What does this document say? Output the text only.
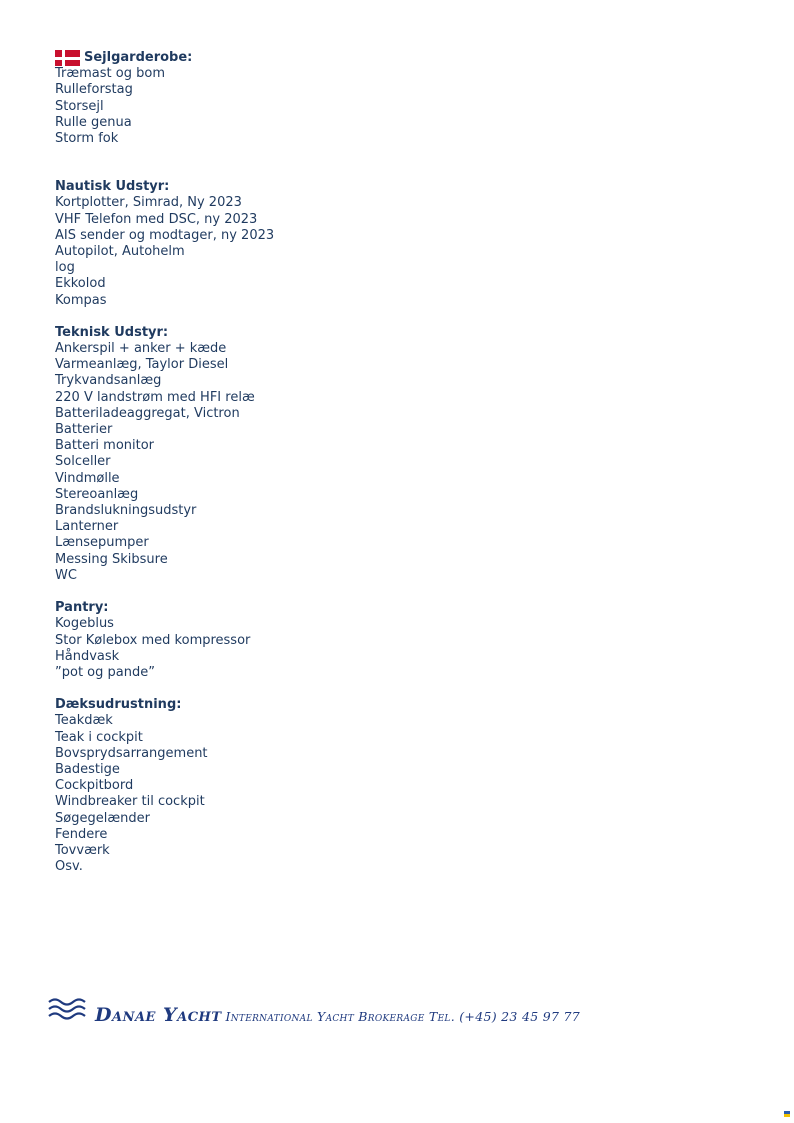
Sejlgarderobe:
Træmast og bom
Rulleforstag
Storsejl
Rulle genua
Storm fok
Nautisk Udstyr:
Kortplotter, Simrad, Ny 2023
VHF Telefon med DSC, ny 2023
AIS sender og modtager, ny 2023
Autopilot, Autohelm
log
Ekkolod
Kompas
Teknisk Udstyr:
Ankerspil + anker + kæde
Varmeanlæg, Taylor Diesel
Trykvandsanlæg
220 V landstrøm med HFI relæ
Batteriladeaggregat, Victron
Batterier
Batteri monitor
Solceller
Vindmølle
Stereoanlæg
Brandslukningsudstyr
Lanterner
Lænsepumper
Messing Skibsure
WC
Pantry:
Kogeblus
Stor Kølebox med kompressor
Håndvask
”pot og pande”
Dæksudrustning:
Teakdæk
Teak i cockpit
Bovsprydsarrangement
Badestige
Cockpitbord
Windbreaker til cockpit
Søgegelænder
Fendere
Tovværk
Osv.
Danae Yacht International Yacht Brokerage Tel. (+45) 23 45 97 77
